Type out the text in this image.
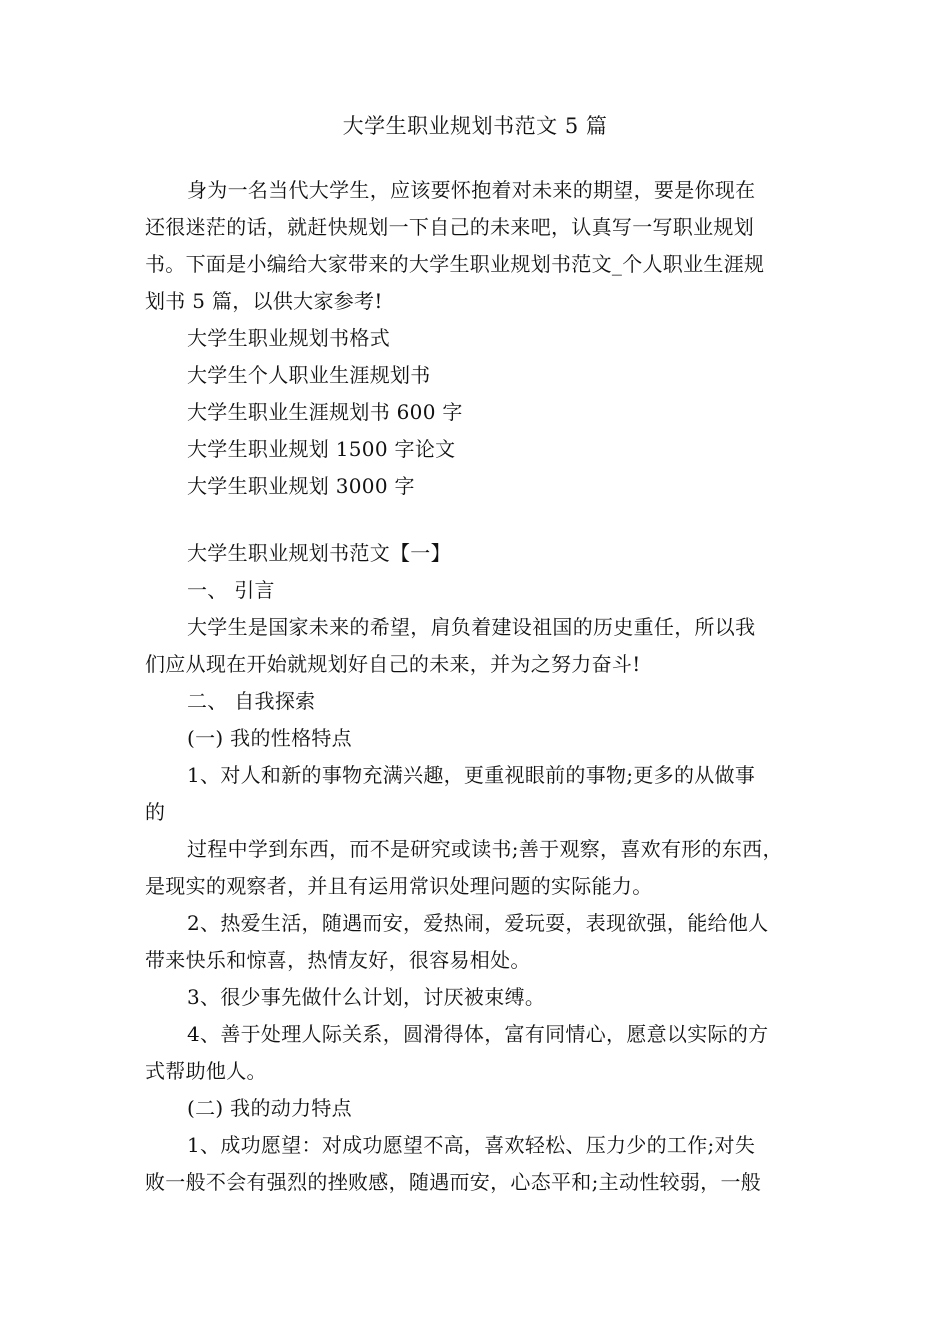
大学生职业规划书范文 5 篇

身为一名当代大学生，应该要怀抱着对未来的期望，要是你现在

还很迷茫的话，就赶快规划一下自己的未来吧，认真写一写职业规划

书。下面是小编给大家带来的大学生职业规划书范文_个人职业生涯规

划书 5 篇，以供大家参考!

大学生职业规划书格式

大学生个人职业生涯规划书

大学生职业生涯规划书 600 字

大学生职业规划 1500 字论文

大学生职业规划 3000 字

大学生职业规划书范文【一】

一、 引言

大学生是国家未来的希望，肩负着建设祖国的历史重任，所以我

们应从现在开始就规划好自己的未来，并为之努力奋斗!

二、 自我探索

(一) 我的性格特点

1、对人和新的事物充满兴趣，更重视眼前的事物;更多的从做事

的

过程中学到东西，而不是研究或读书;善于观察，喜欢有形的东西，

是现实的观察者，并且有运用常识处理问题的实际能力。

2、热爱生活，随遇而安，爱热闹，爱玩耍，表现欲强，能给他人

带来快乐和惊喜，热情友好，很容易相处。

3、很少事先做什么计划，讨厌被束缚。

4、善于处理人际关系，圆滑得体，富有同情心，愿意以实际的方

式帮助他人。

(二) 我的动力特点

1、成功愿望：对成功愿望不高，喜欢轻松、压力少的工作;对失

败一般不会有强烈的挫败感，随遇而安，心态平和;主动性较弱，一般
